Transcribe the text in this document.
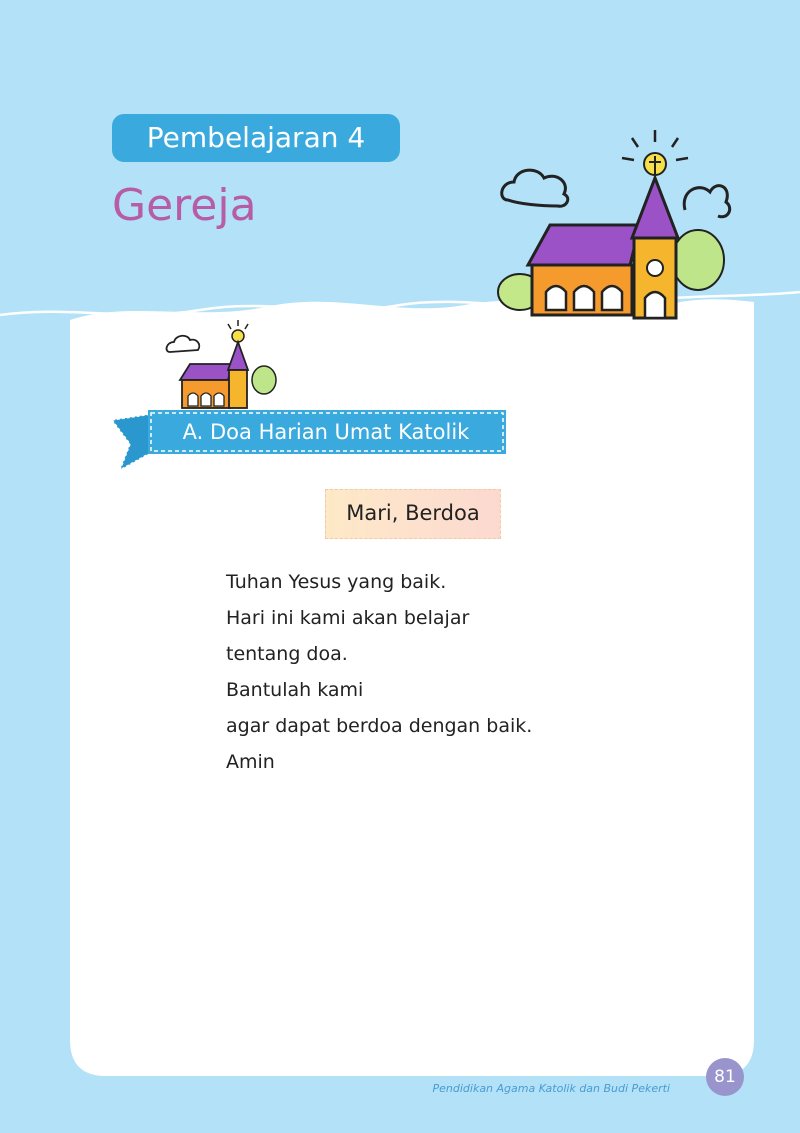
Pembelajaran 4
Gereja
A. Doa Harian Umat Katolik
Mari, Berdoa
Tuhan Yesus yang baik.
Hari ini kami akan belajar
tentang doa.
Bantulah kami
agar dapat berdoa dengan baik.
Amin
Pendidikan Agama Katolik dan Budi Pekerti
81
